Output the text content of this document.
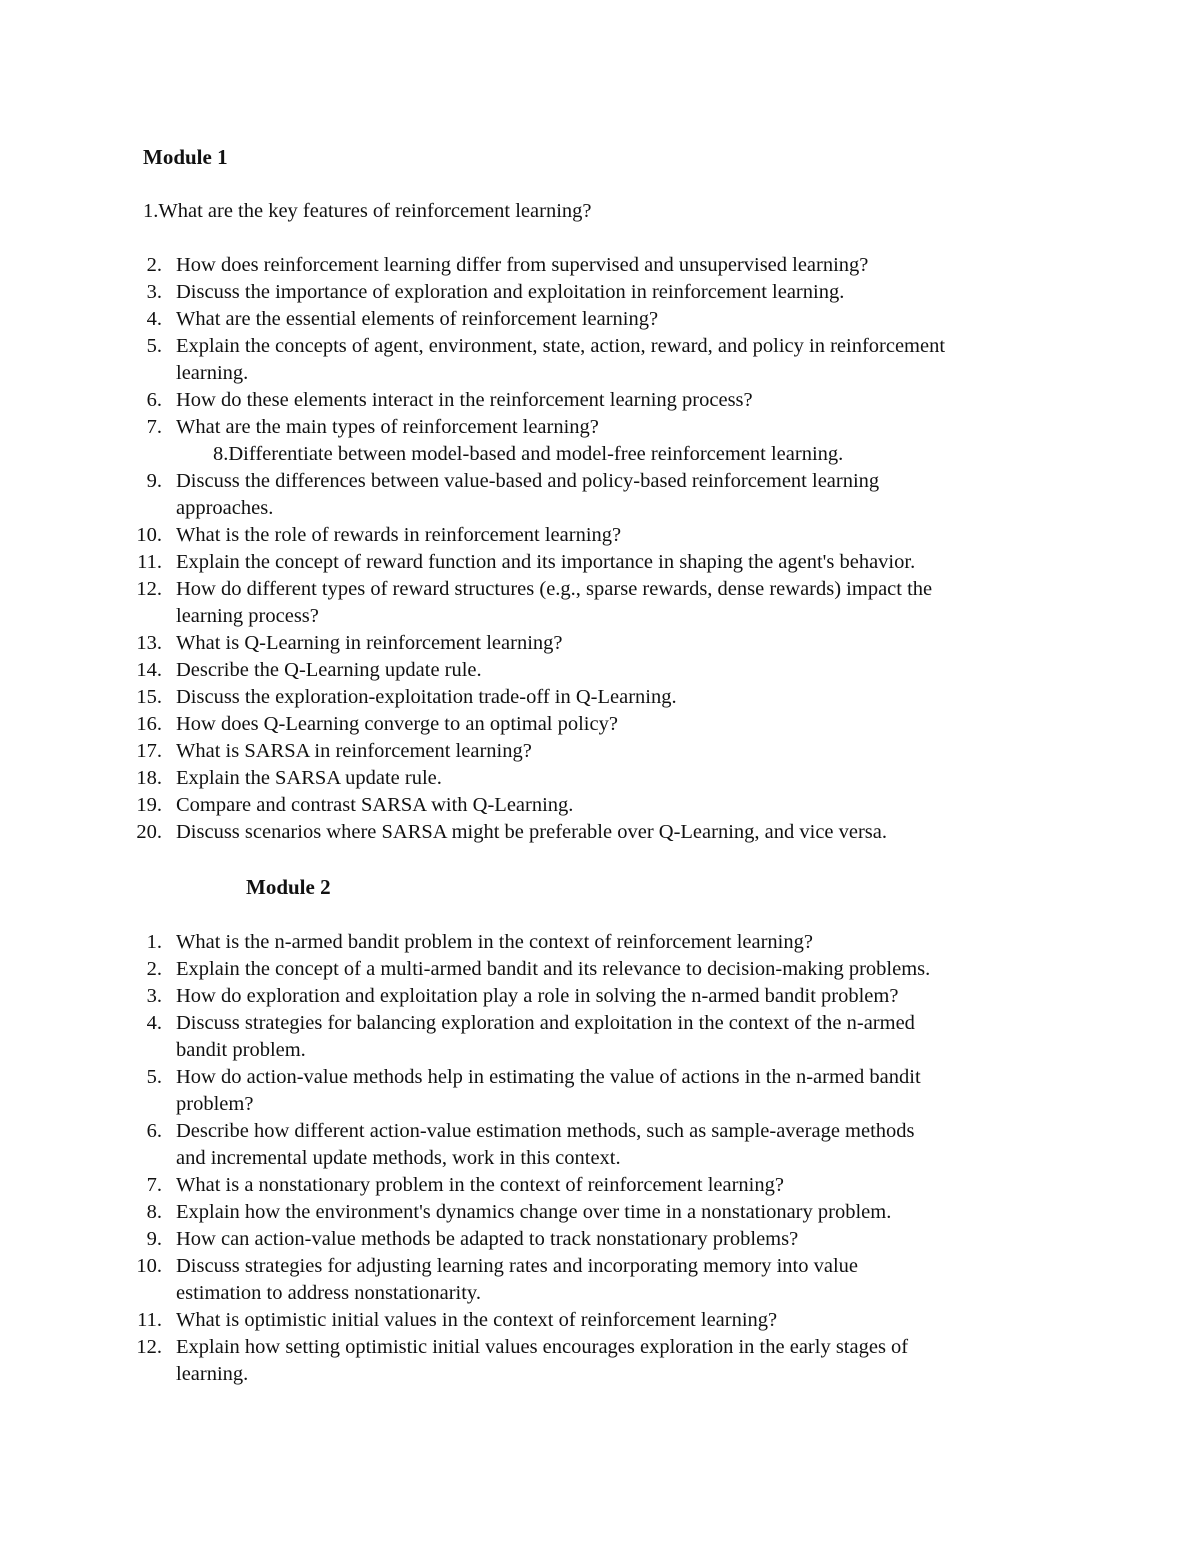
Module 1
1.What are the key features of reinforcement learning?
2. How does reinforcement learning differ from supervised and unsupervised learning?
3. Discuss the importance of exploration and exploitation in reinforcement learning.
4. What are the essential elements of reinforcement learning?
5. Explain the concepts of agent, environment, state, action, reward, and policy in reinforcement
learning.
6. How do these elements interact in the reinforcement learning process?
7. What are the main types of reinforcement learning?
8.Differentiate between model-based and model-free reinforcement learning.
9. Discuss the differences between value-based and policy-based reinforcement learning
approaches.
10. What is the role of rewards in reinforcement learning?
11. Explain the concept of reward function and its importance in shaping the agent's behavior.
12. How do different types of reward structures (e.g., sparse rewards, dense rewards) impact the
learning process?
13. What is Q-Learning in reinforcement learning?
14. Describe the Q-Learning update rule.
15. Discuss the exploration-exploitation trade-off in Q-Learning.
16. How does Q-Learning converge to an optimal policy?
17. What is SARSA in reinforcement learning?
18. Explain the SARSA update rule.
19. Compare and contrast SARSA with Q-Learning.
20. Discuss scenarios where SARSA might be preferable over Q-Learning, and vice versa.
Module 2
1. What is the n-armed bandit problem in the context of reinforcement learning?
2. Explain the concept of a multi-armed bandit and its relevance to decision-making problems.
3. How do exploration and exploitation play a role in solving the n-armed bandit problem?
4. Discuss strategies for balancing exploration and exploitation in the context of the n-armed
bandit problem.
5. How do action-value methods help in estimating the value of actions in the n-armed bandit
problem?
6. Describe how different action-value estimation methods, such as sample-average methods
and incremental update methods, work in this context.
7. What is a nonstationary problem in the context of reinforcement learning?
8. Explain how the environment's dynamics change over time in a nonstationary problem.
9. How can action-value methods be adapted to track nonstationary problems?
10. Discuss strategies for adjusting learning rates and incorporating memory into value
estimation to address nonstationarity.
11. What is optimistic initial values in the context of reinforcement learning?
12. Explain how setting optimistic initial values encourages exploration in the early stages of
learning.
